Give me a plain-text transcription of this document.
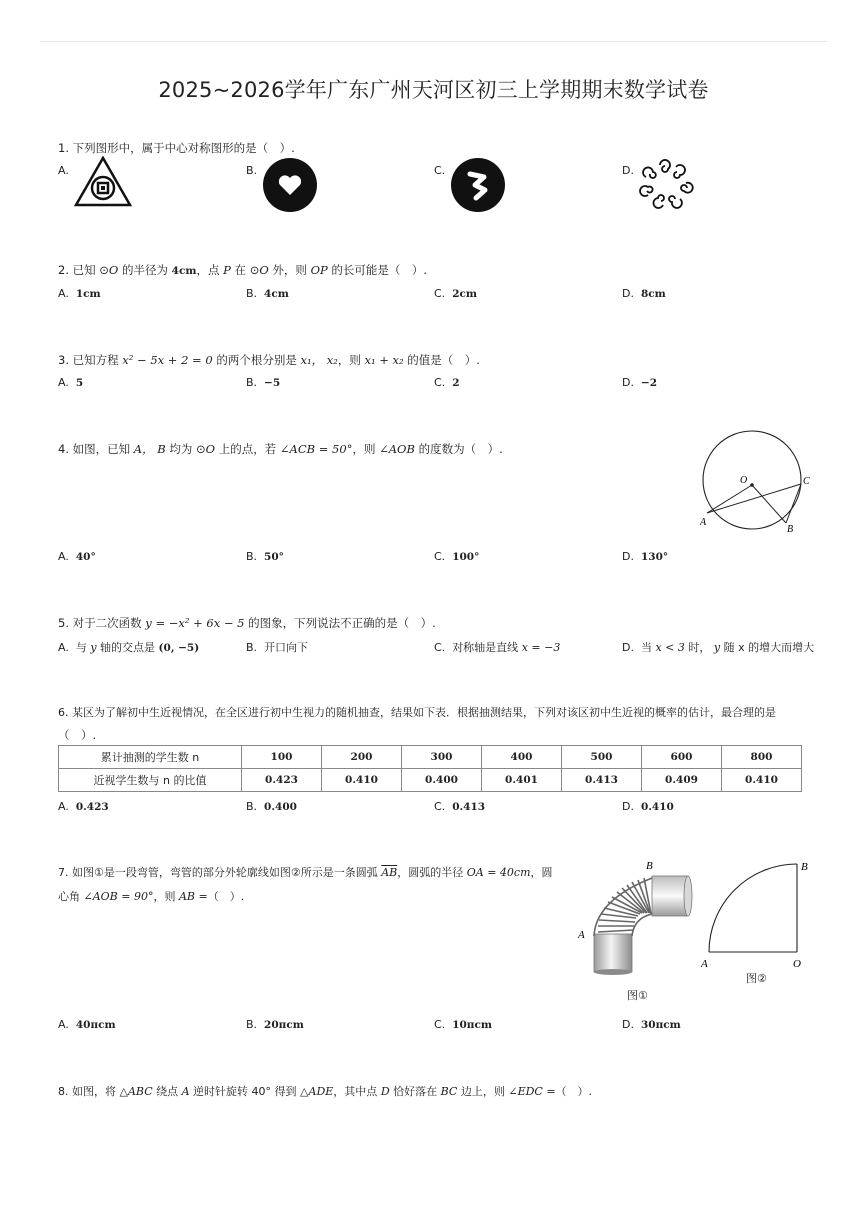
2025~2026学年广东广州天河区初三上学期期末数学试卷
1. 下列图形中，属于中心对称图形的是（　）.
A.	B.	C.	D.
2. 已知 ⊙O 的半径为 4cm，点 P 在 ⊙O 外，则 OP 的长可能是（　）.
A. 1cm	B. 4cm	C. 2cm	D. 8cm
3. 已知方程 x² − 5x + 2 = 0 的两个根分别是 x₁， x₂，则 x₁ + x₂ 的值是（　）.
A. 5	B. −5	C. 2	D. −2
4. 如图，已知 A， B 均为 ⊙O 上的点，若 ∠ACB = 50°，则 ∠AOB 的度数为（　）.
O
A
B
C
A. 40°	B. 50°	C. 100°	D. 130°
5. 对于二次函数 y = −x² + 6x − 5 的图象，下列说法不正确的是（　）.
A. 与 y 轴的交点是 (0, −5)	B. 开口向下	C. 对称轴是直线 x = −3	D. 当 x < 3 时， y 随 x 的增大而增大
6. 某区为了解初中生近视情况，在全区进行初中生视力的随机抽查，结果如下表．根据抽测结果，下列对该区初中生近视的概率的估计，最合理的是
（　）.
累计抽测的学生数 n	100	200	300	400	500	600	800
近视学生数与 n 的比值	0.423	0.410	0.400	0.401	0.413	0.409	0.410
A. 0.423	B. 0.400	C. 0.413	D. 0.410
7. 如图①是一段弯管，弯管的部分外轮廓线如图②所示是一条圆弧 $\overline{AB}$，圆弧的半径 OA = 40cm，圆
心角 ∠AOB = 90°，则 AB =（　）.
B
A
图①
B
A	O
图②
A. 40πcm	B. 20πcm	C. 10πcm	D. 30πcm
8. 如图，将 △ABC 绕点 A 逆时针旋转 40° 得到 △ADE，其中点 D 恰好落在 BC 边上，则 ∠EDC =（　）.
